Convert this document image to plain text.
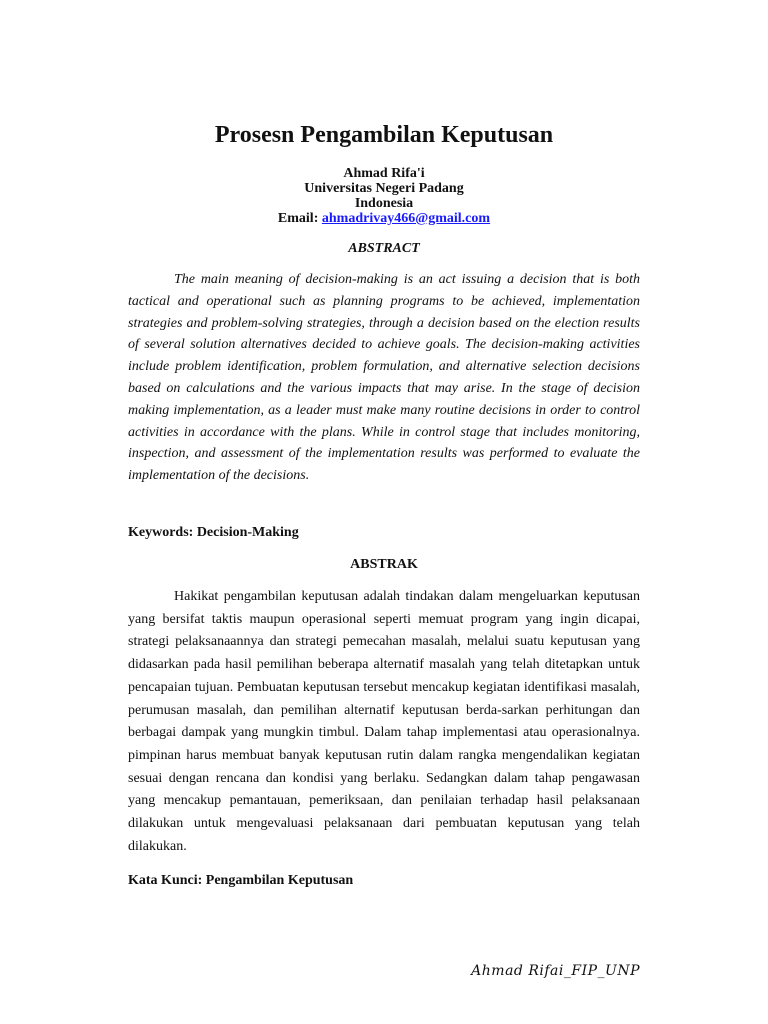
Prosesn Pengambilan Keputusan
Ahmad Rifa'i
Universitas Negeri Padang
Indonesia
Email: ahmadrivay466@gmail.com
ABSTRACT

The main meaning of decision-making is an act issuing a decision that is both tactical and operational such as planning programs to be achieved, implementation strategies and problem-solving strategies, through a decision based on the election results of several solution alternatives decided to achieve goals. The decision-making activities include problem identification, problem formulation, and alternative selection decisions based on calculations and the various impacts that may arise. In the stage of decision making implementation, as a leader must make many routine decisions in order to control activities in accordance with the plans. While in control stage that includes monitoring, inspection, and assessment of the implementation results was performed to evaluate the implementation of the decisions.

Keywords: Decision-Making
ABSTRAK

Hakikat pengambilan keputusan adalah tindakan dalam mengeluarkan keputusan yang bersifat taktis maupun operasional seperti memuat program yang ingin dicapai, strategi pelaksanaannya dan strategi pemecahan masalah, melalui suatu keputusan yang didasarkan pada hasil pemilihan beberapa alternatif masalah yang telah ditetapkan untuk pencapaian tujuan. Pembuatan keputusan tersebut mencakup kegiatan identifikasi masalah, perumusan masalah, dan pemilihan alternatif keputusan berda-sarkan perhitungan dan berbagai dampak yang mungkin timbul. Dalam tahap implementasi atau operasionalnya. pimpinan harus membuat banyak keputusan rutin dalam rangka mengendalikan kegiatan sesuai dengan rencana dan kondisi yang berlaku. Sedangkan dalam tahap pengawasan yang mencakup pemantauan, pemeriksaan, dan penilaian terhadap hasil pelaksanaan dilakukan untuk mengevaluasi pelaksanaan dari pembuatan keputusan yang telah dilakukan.

Kata Kunci: Pengambilan Keputusan
Ahmad Rifai_FIP_UNP
